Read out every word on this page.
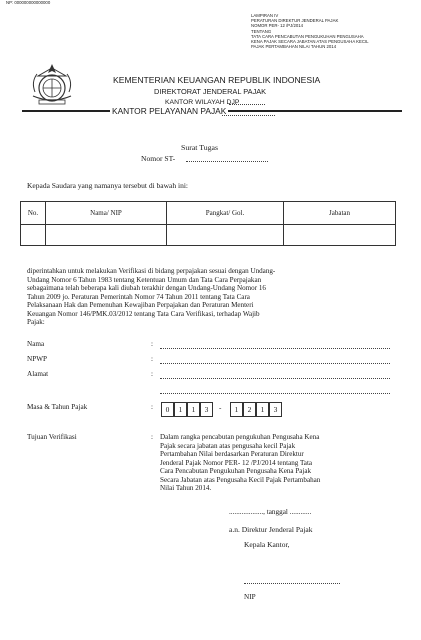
NP: 000000000000000
LAMPIRAN IV
PERATURAN DIREKTUR JENDERAL PAJAK
NOMOR PER- 12 /PJ/2014
TENTANG
TATA CARA PENCABUTAN PENGUKUHAN PENGUSAHA
KENA PAJAK SECARA JABATAN ATAS PENGUSAHA KECIL
PAJAK PERTAMBAHAN NILAI TAHUN 2014
KEMENTERIAN KEUANGAN REPUBLIK INDONESIA
DIREKTORAT JENDERAL PAJAK
KANTOR WILAYAH DJP
KANTOR PELAYANAN PAJAK
Surat Tugas
Nomor ST-
Kepada Saudara yang namanya tersebut di bawah ini:
No.	Nama/ NIP	Pangkat/ Gol.	Jabatan

diperintahkan untuk melakukan Verifikasi di bidang perpajakan sesuai dengan Undang-
Undang Nomor 6 Tahun 1983 tentang Ketentuan Umum dan Tata Cara Perpajakan
sebagaimana telah beberapa kali diubah terakhir dengan Undang-Undang Nomor 16
Tahun 2009 jo. Peraturan Pemerintah Nomor 74 Tahun 2011 tentang Tata Cara
Pelaksanaan Hak dan Pemenuhan Kewajiban Perpajakan dan Peraturan Menteri
Keuangan Nomor 146/PMK.03/2012 tentang Tata Cara Verifikasi, terhadap Wajib
Pajak:
Nama	:
NPWP	:
Alamat	:
Masa & Tahun Pajak	:	0	1	1	3	-	1	2	1	3
Tujuan Verifikasi	: Dalam rangka pencabutan pengukuhan Pengusaha Kena
Pajak secara jabatan atas pengusaha kecil Pajak
Pertambahan Nilai berdasarkan Peraturan Direktur
Jenderal Pajak Nomor PER- 12 /PJ/2014 tentang Tata
Cara Pencabutan Pengukuhan Pengusaha Kena Pajak
Secara Jabatan atas Pengusaha Kecil Pajak Pertambahan
Nilai Tahun 2014.
..................., tanggal ............
a.n. Direktur Jenderal Pajak
Kepala Kantor,
NIP
